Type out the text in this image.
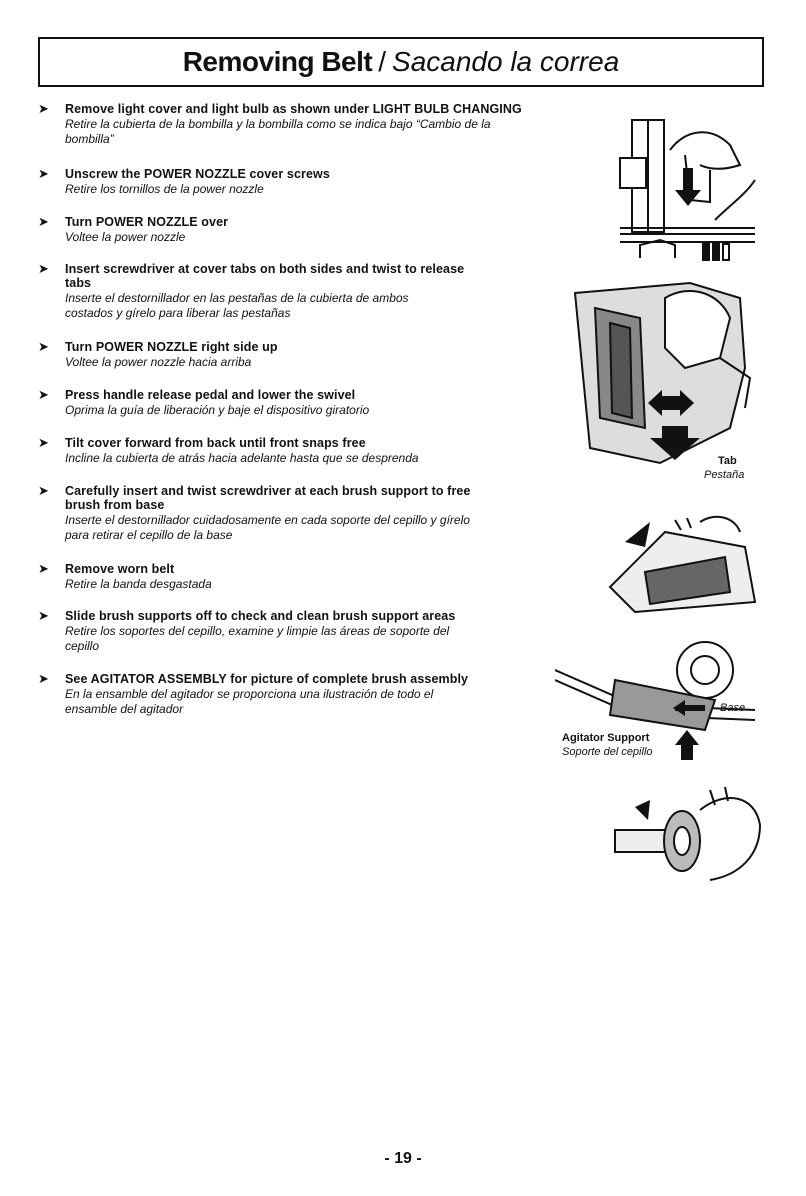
Removing Belt / Sacando la correa
➤ Remove light cover and light bulb as shown under LIGHT BULB CHANGING
Retire la cubierta de la bombilla y la bombilla como se indica bajo “Cambio de la
bombilla”
➤ Unscrew the POWER NOZZLE cover screws
Retire los tornillos de la power nozzle
➤ Turn POWER NOZZLE over
Voltee la power nozzle
➤ Insert screwdriver at cover tabs on both sides and twist to release
tabs
Inserte el destornillador en las pestañas de la cubierta de ambos
costados y gírelo para liberar las pestañas
➤ Turn POWER NOZZLE right side up
Voltee la power nozzle hacia arriba
➤ Press handle release pedal and lower the swivel
Oprima la guía de liberación y baje el dispositivo giratorio
➤ Tilt cover forward from back until front snaps free
Incline la cubierta de atrás hacia adelante hasta que se desprenda
➤ Carefully insert and twist screwdriver at each brush support to free
brush from base
Inserte el destornillador cuidadosamente en cada soporte del cepillo y gírelo
para retirar el cepillo de la base
➤ Remove worn belt
Retire la banda desgastada
➤ Slide brush supports off to check and clean brush support areas
Retire los soportes del cepillo, examine y limpie las áreas de soporte del
cepillo
➤ See AGITATOR ASSEMBLY for picture of complete brush assembly
En la ensamble del agitador se proporciona una ilustración de todo el
ensamble del agitador
Tab
Pestaña
Base
Agitator Support
Soporte del cepillo
- 19 -
